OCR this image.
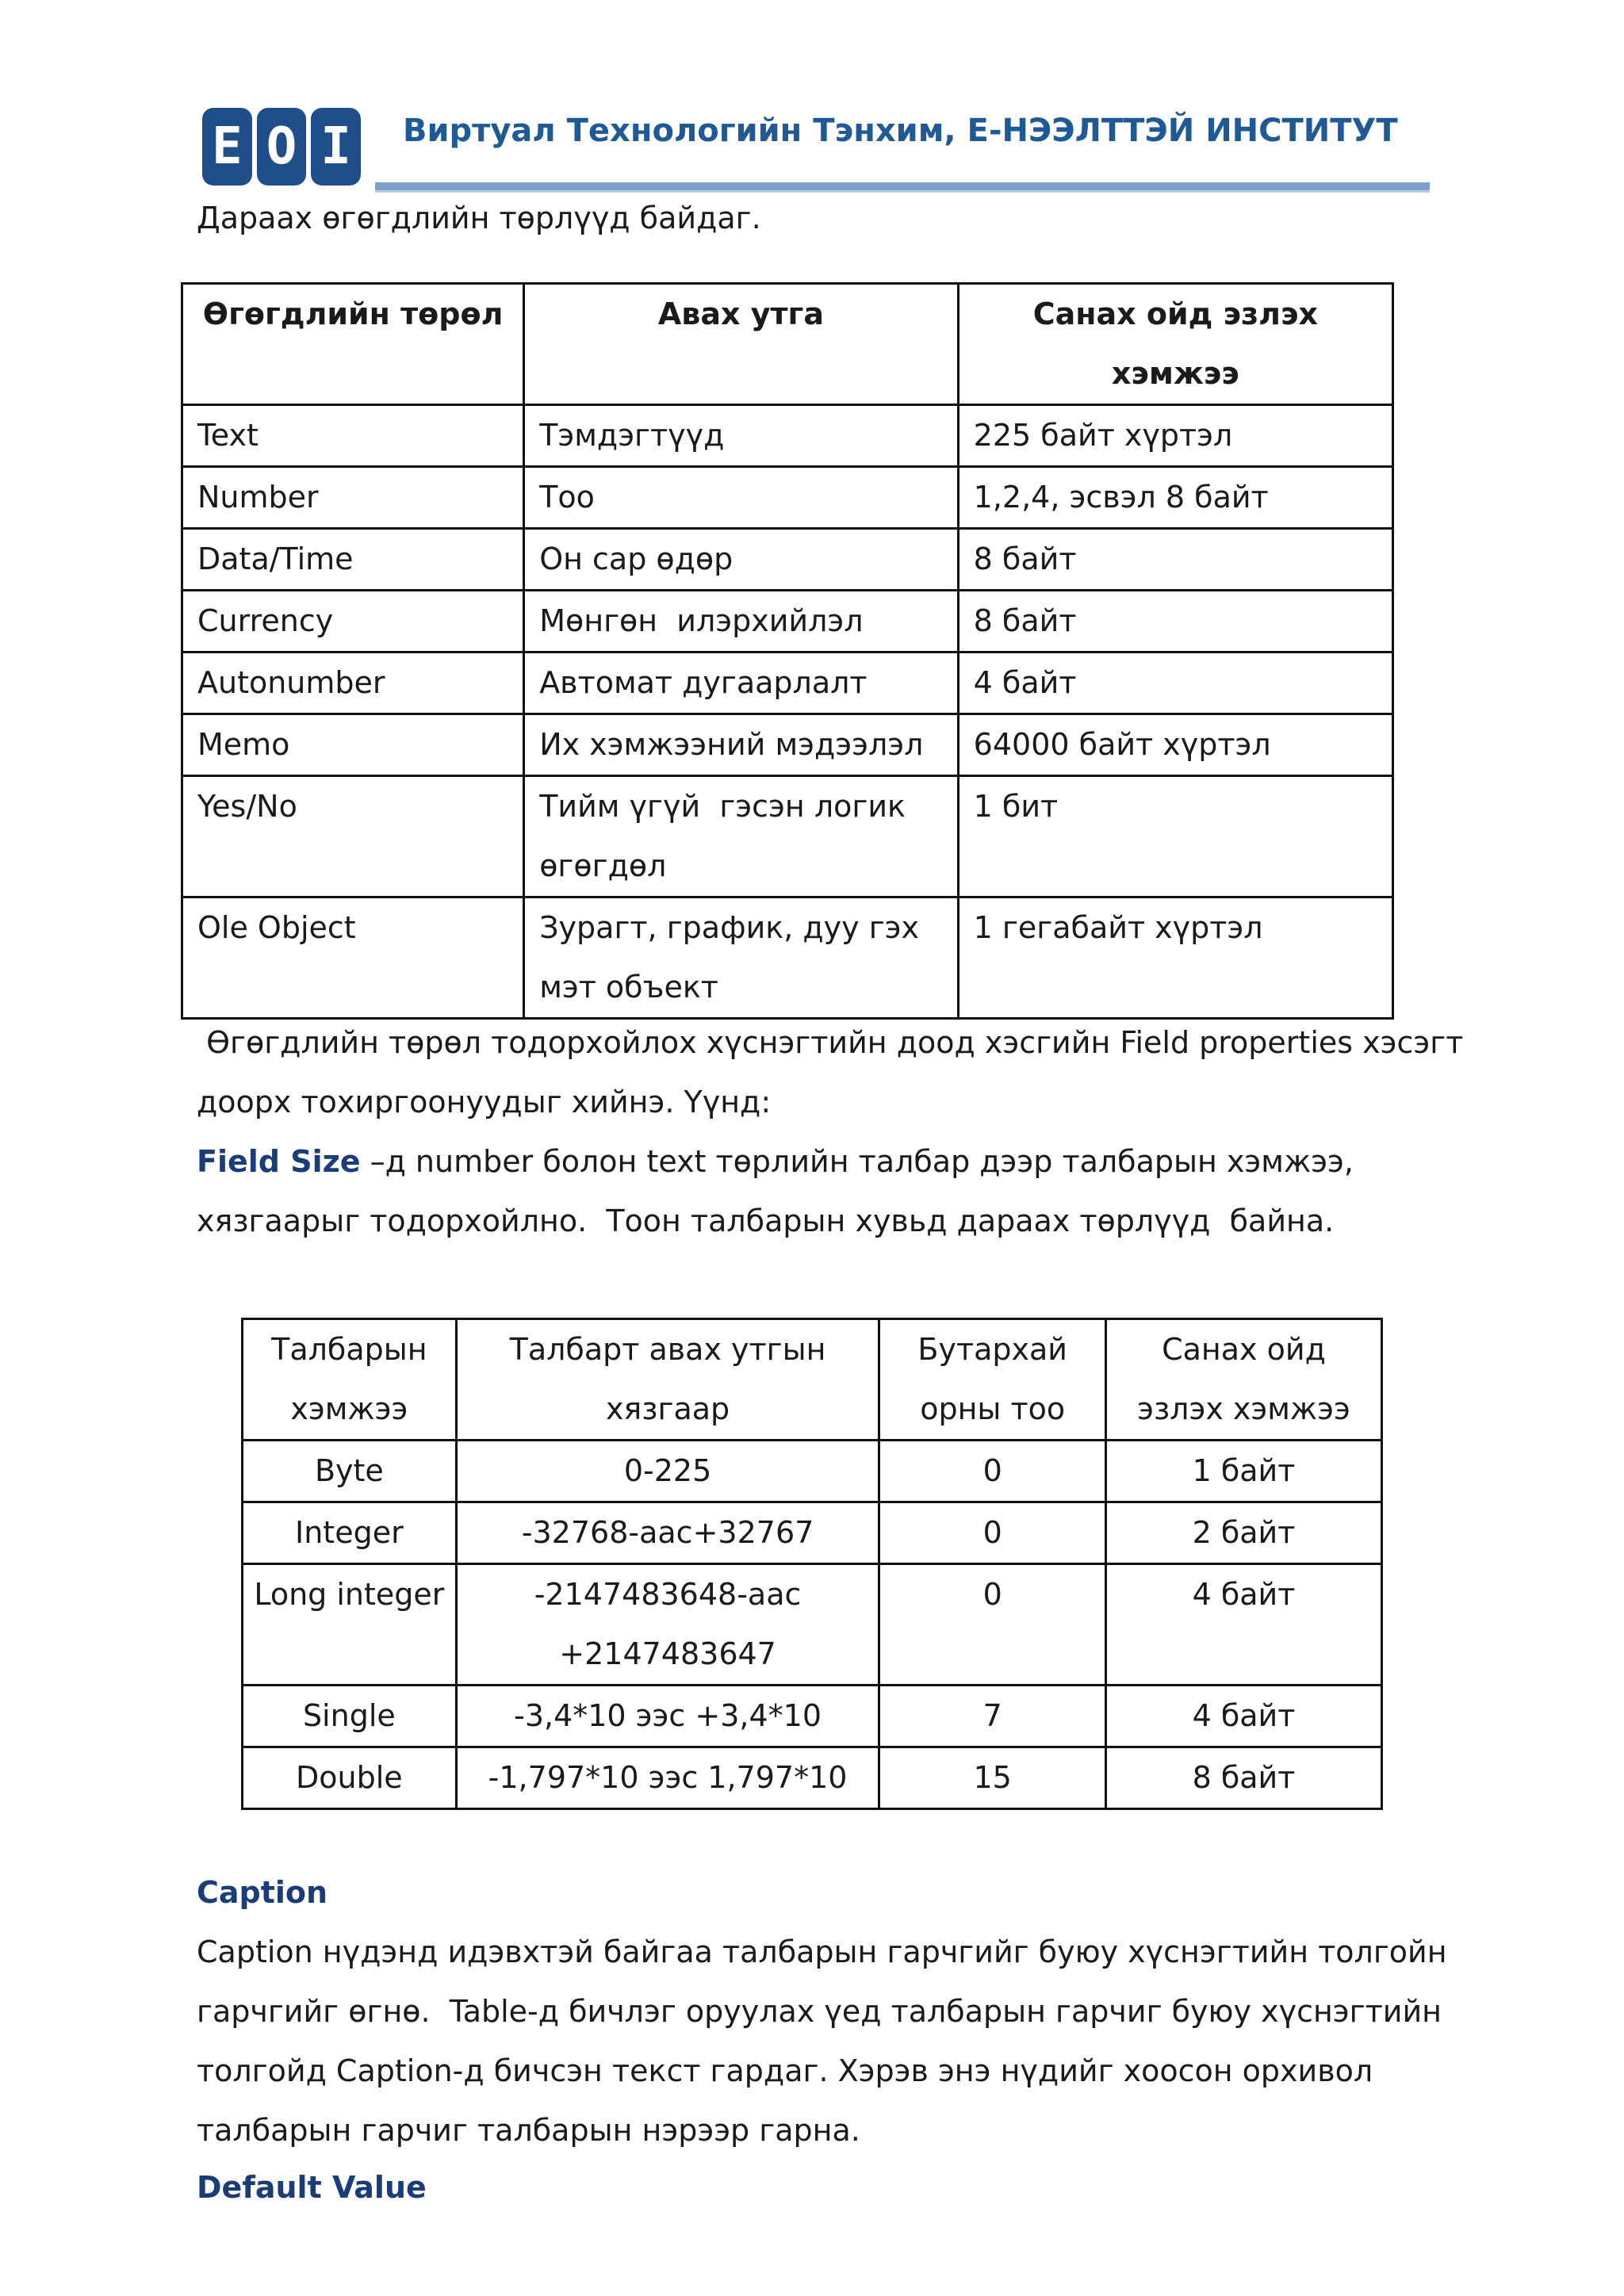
E O I	Виртуал Технологийн Тэнхим, Е-НЭЭЛТТЭЙ ИНСТИТУТ
Дараах өгөгдлийн төрлүүд байдаг.
Өгөгдлийн төрөл	Авах утга	Санах ойд эзлэх хэмжээ
Text	Тэмдэгтүүд	225 байт хүртэл
Number	Тоо	1,2,4, эсвэл 8 байт
Data/Time	Он сар өдөр	8 байт
Currency	Мөнгөн  илэрхийлэл	8 байт
Autonumber	Автомат дугаарлалт	4 байт
Memo	Их хэмжээний мэдээлэл	64000 байт хүртэл
Yes/No	Тийм үгүй  гэсэн логик өгөгдөл	1 бит
Ole Object	Зурагт, график, дуу гэх мэт объект	1 гегабайт хүртэл
Өгөгдлийн төрөл тодорхойлох хүснэгтийн доод хэсгийн Field properties хэсэгт
доорх тохиргоонуудыг хийнэ. Үүнд:
Field Size –д number болон text төрлийн талбар дээр талбарын хэмжээ,
хязгаарыг тодорхойлно.  Тоон талбарын хувьд дараах төрлүүд  байна.
Талбарын хэмжээ	Талбарт авах утгын хязгаар	Бутархай орны тоо	Санах ойд эзлэх хэмжээ
Byte	0-225	0	1 байт
Integer	-32768-аас+32767	0	2 байт
Long integer	-2147483648-аас +2147483647	0	4 байт
Single	-3,4*10 ээс +3,4*10	7	4 байт
Double	-1,797*10 ээс 1,797*10	15	8 байт
Caption
Caption нүдэнд идэвхтэй байгаа талбарын гарчгийг буюу хүснэгтийн толгойн
гарчгийг өгнө.  Table-д бичлэг оруулах үед талбарын гарчиг буюу хүснэгтийн
толгойд Caption-д бичсэн текст гардаг. Хэрэв энэ нүдийг хоосон орхивол
талбарын гарчиг талбарын нэрээр гарна.
Default Value
